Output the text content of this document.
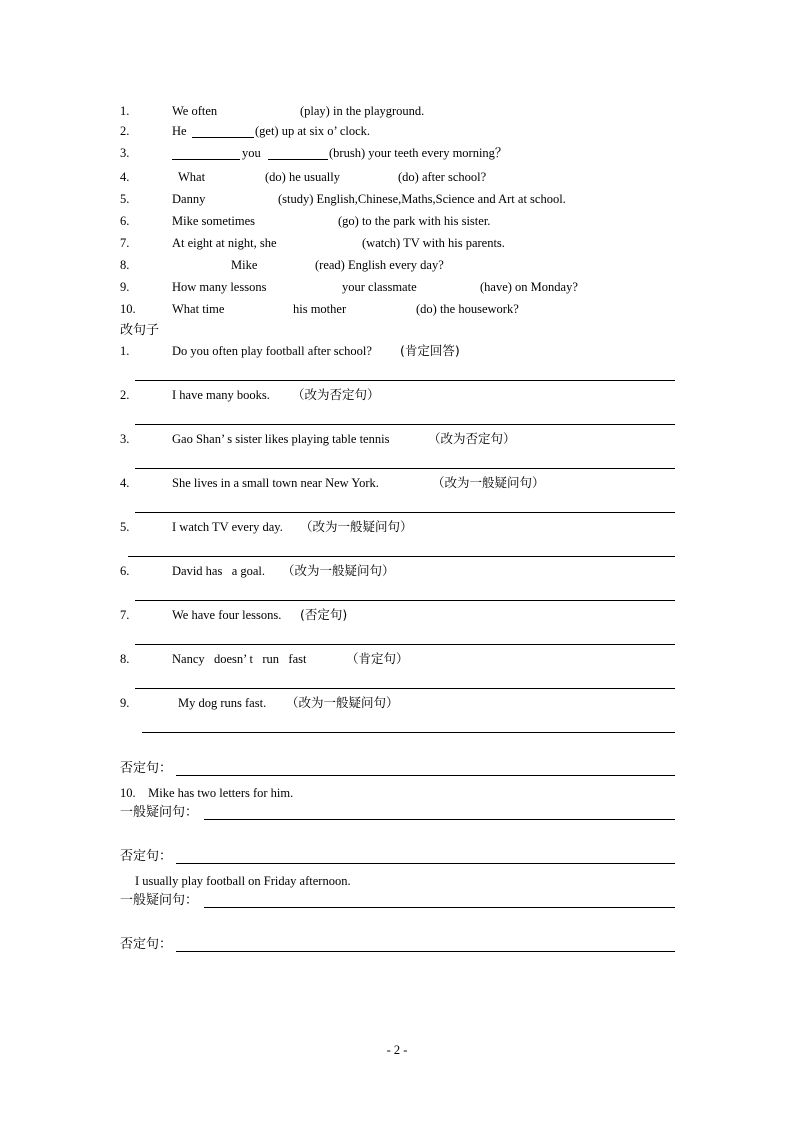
1.	We often	(play) in the playground.
2.	He	(get) up at six o’ clock.
3.	you	(brush) your teeth every morning？
4.	What	(do) he usually	(do) after school?
5.	Danny	(study) English,Chinese,Maths,Science and Art at school.
6.	Mike sometimes	(go) to the park with his sister.
7.	At eight at night, she	(watch) TV with his parents.
8.	Mike	(read) English every day?
9.	How many lessons	your classmate	(have) on Monday?
10.	What time	his mother	(do) the housework?
改句子
1.	Do you often play football after school? (肯定回答)
2.	I have many books. （改为否定句）
3.	Gao Shan’ s sister likes playing table tennis	（改为否定句）
4.	She lives in a small town near New York.	（改为一般疑问句）
5.	I watch TV every day. （改为一般疑问句）
6.	David has   a goal. （改为一般疑问句）
7.	We have four lessons. (否定句)
8.	Nancy   doesn’ t   run   fast	（肯定句）
9.	My dog runs fast. （改为一般疑问句）
否定句：
10.    Mike has two letters for him.
一般疑问句：
否定句：
I usually play football on Friday afternoon.
一般疑问句：
否定句：
- 2 -
